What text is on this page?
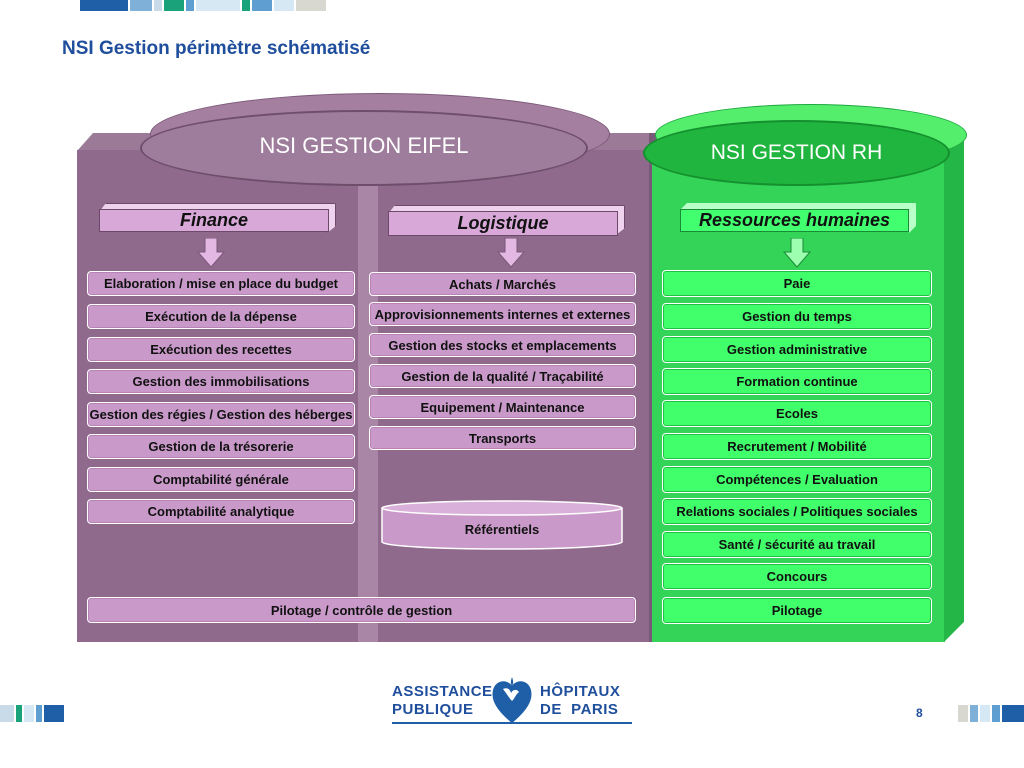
NSI Gestion périmètre schématisé
NSI GESTION EIFEL	NSI GESTION RH
Finance	Logistique	Ressources humaines
Elaboration / mise en place du budget
Exécution de la dépense
Exécution des recettes
Gestion des immobilisations
Gestion des régies / Gestion des héberges
Gestion de la trésorerie
Comptabilité générale
Comptabilité analytique
Achats / Marchés
Approvisionnements internes et externes
Gestion des stocks et emplacements
Gestion de la qualité / Traçabilité
Equipement / Maintenance
Transports
Référentiels
Pilotage / contrôle de gestion
Paie
Gestion du temps
Gestion administrative
Formation continue
Ecoles
Recrutement / Mobilité
Compétences / Evaluation
Relations sociales / Politiques sociales
Santé / sécurité au travail
Concours
Pilotage
8
ASSISTANCE
PUBLIQUE
HÔPITAUX
DE  PARIS
